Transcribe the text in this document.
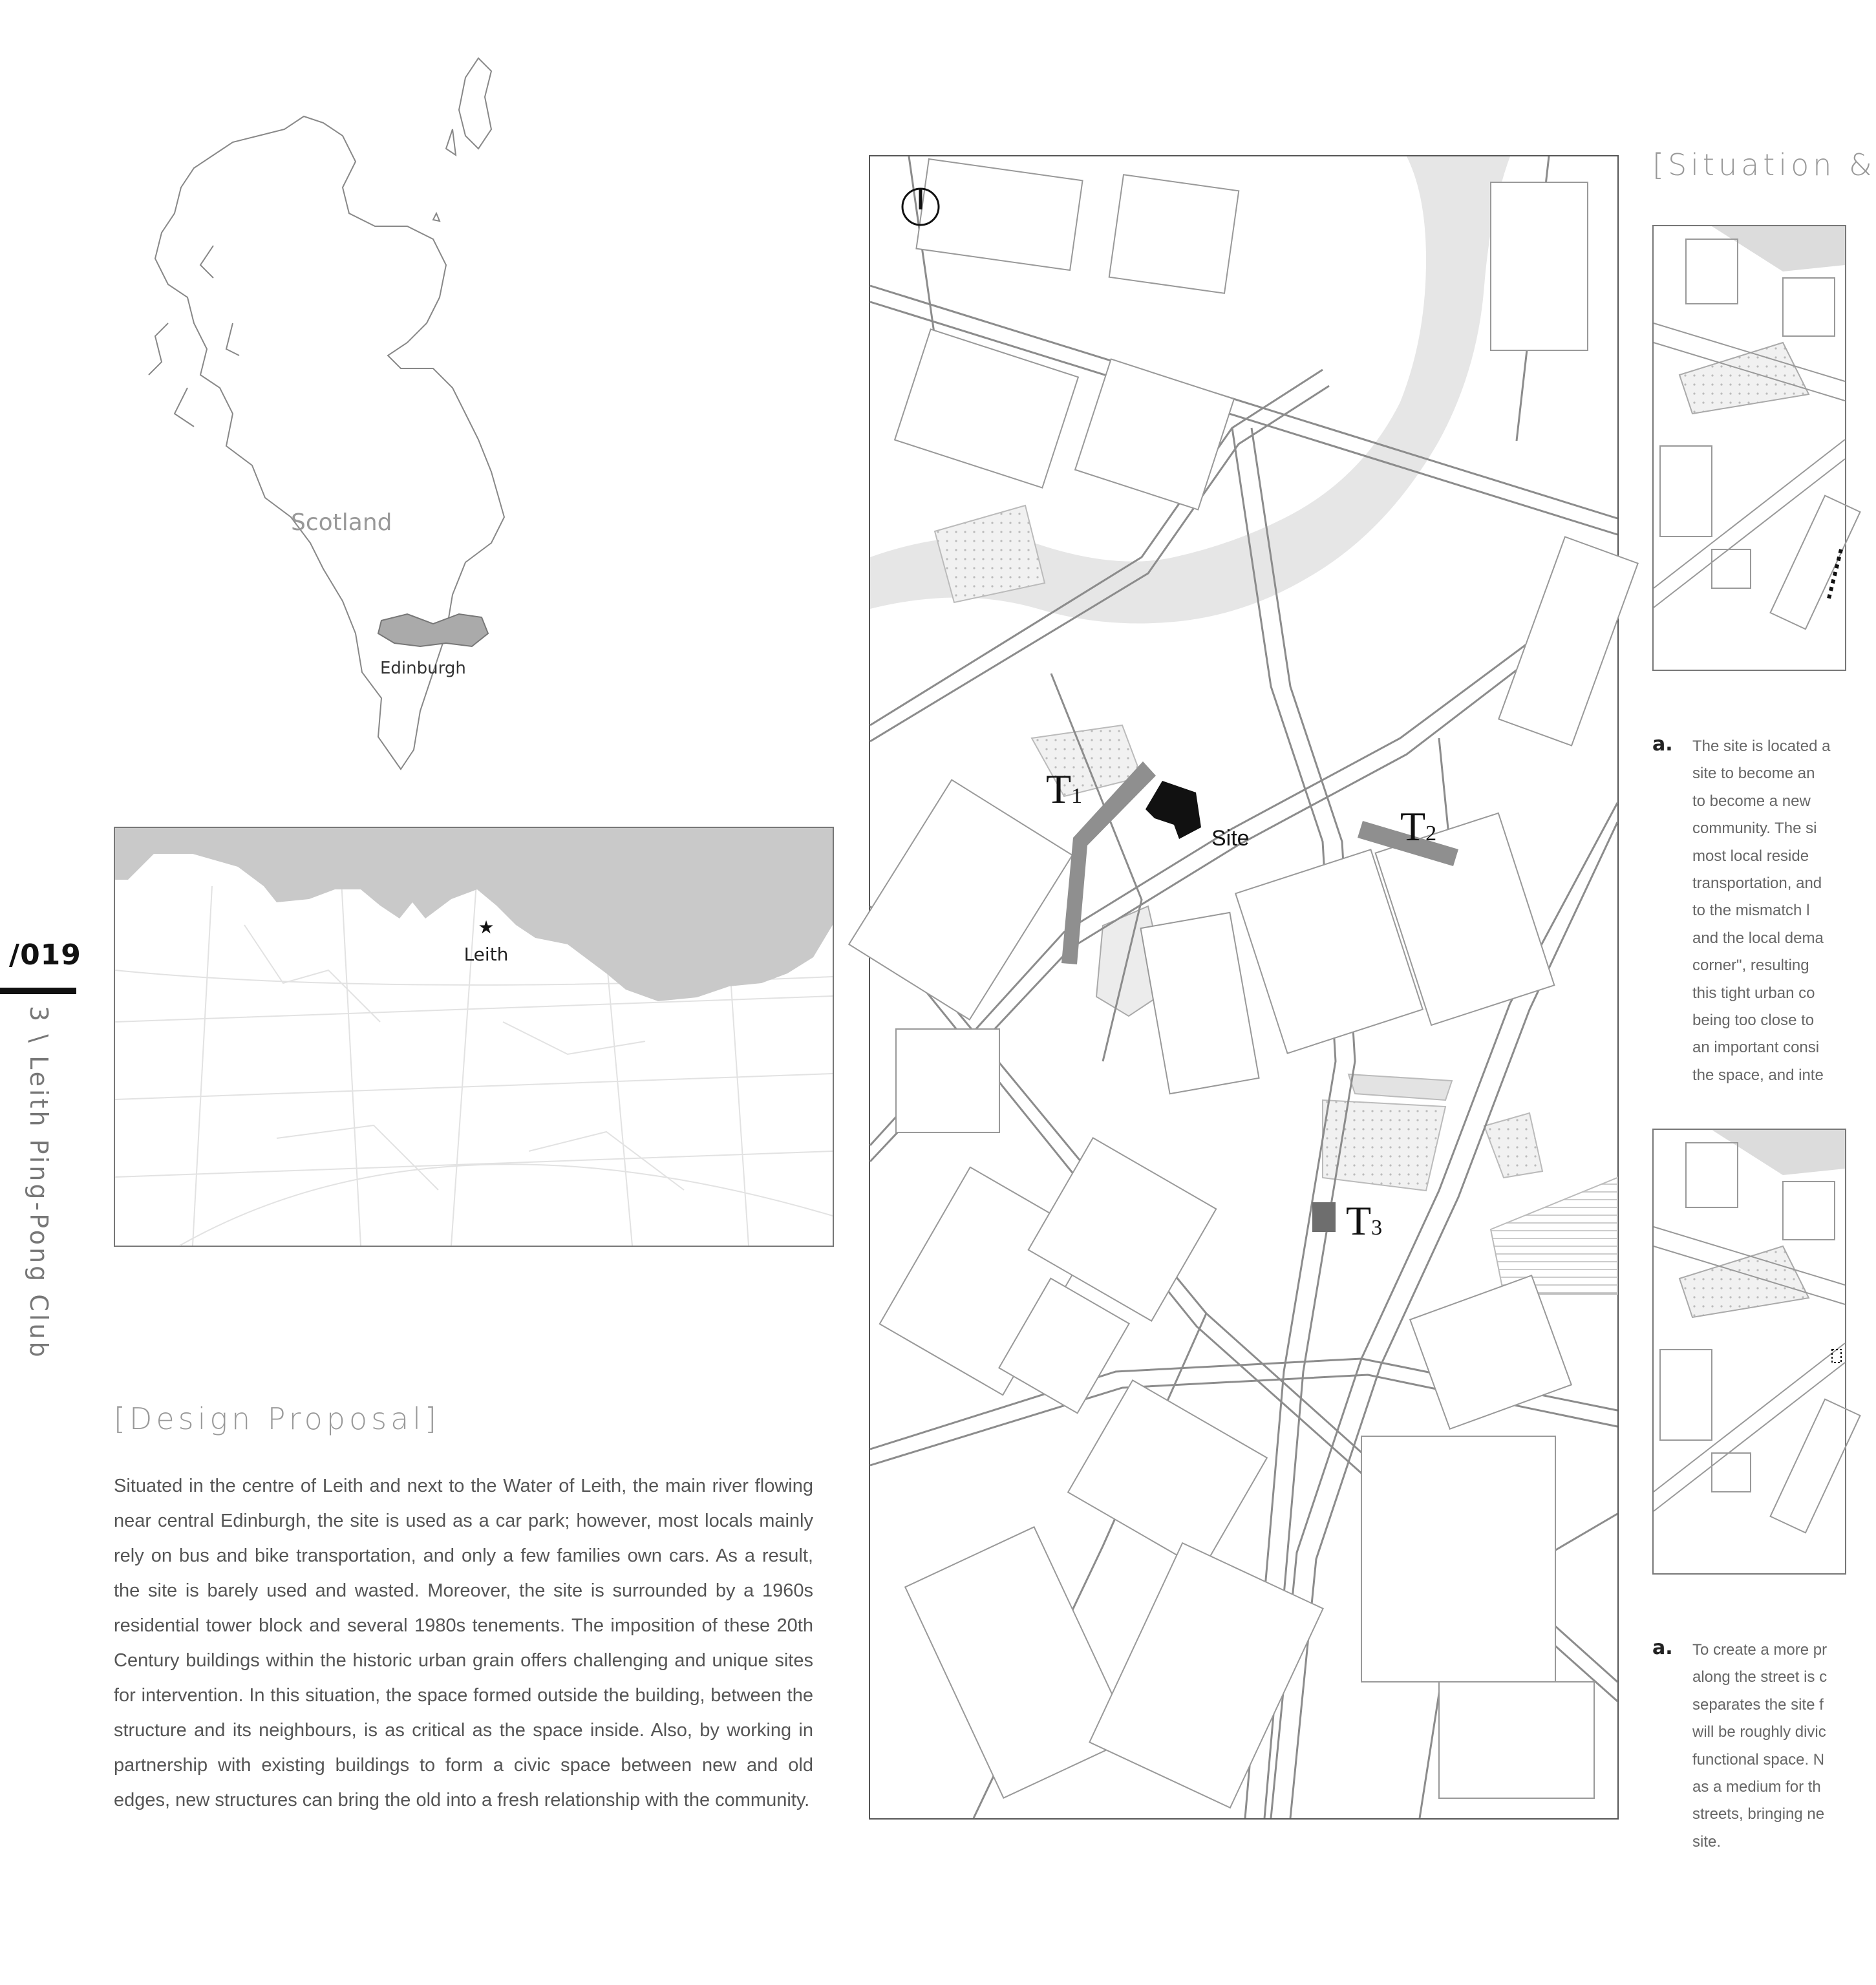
Scotland
Edinburgh
★
Leith
/019
3 \ Leith Ping-Pong Club
[Design Proposal]

Situated in the centre of Leith and next to the Water of Leith, the main river flowing near central Edinburgh, the site is used as a car park; however, most locals mainly rely on bus and bike transportation, and only a few families own cars. As a result, the site is barely used and wasted. Moreover, the site is surrounded by a 1960s residential tower block and several 1980s tenements. The imposition of these 20th Century buildings within the historic urban grain offers challenging and unique sites for intervention. In this situation, the space formed outside the building, between the structure and its neighbours, is as critical as the space inside. Also, by working in partnership with existing buildings to form a civic space between new and old edges, new structures can bring the old into a fresh relationship with the community.

T1
T2
T3
Site
[Situation &
a. The site is located a
site to become an
to become a new
community. The si
most local reside
transportation, and
to the mismatch l
and the local dema
corner", resulting
this tight urban co
being too close to
an important consi
the space, and inte
a. To create a more pr
along the street is c
separates the site f
will be roughly divic
functional space. N
as a medium for th
streets, bringing ne
site.
